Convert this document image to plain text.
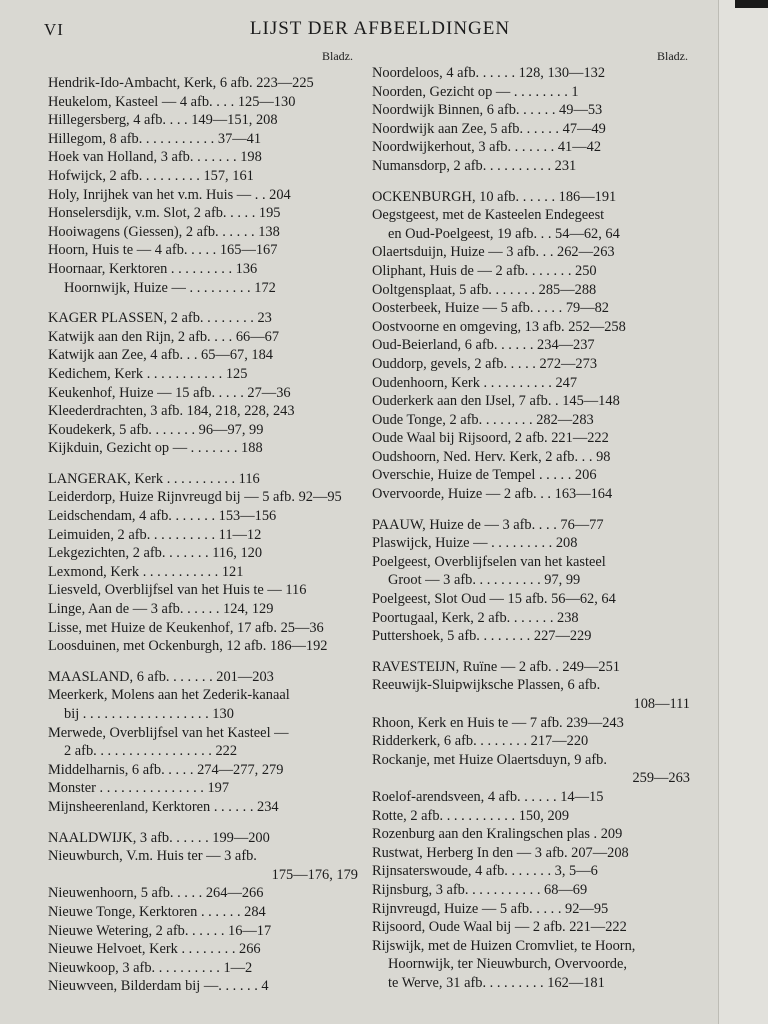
VI	LIJST DER AFBEELDINGEN
Bladz.
Hendrik-Ido-Ambacht, Kerk, 6 afb. 223—225
Heukelom, Kasteel — 4 afb. . . . 125—130
Hillegersberg, 4 afb. . . . 149—151, 208
Hillegom, 8 afb. . . . . . . . . . . 37—41
Hoek van Holland, 3 afb. . . . . . . 198
Hofwijck, 2 afb. . . . . . . . . 157, 161
Holy, Inrijhek van het v.m. Huis — . . 204
Honselersdijk, v.m. Slot, 2 afb. . . . . 195
Hooiwagens (Giessen), 2 afb. . . . . . 138
Hoorn, Huis te — 4 afb. . . . . 165—167
Hoornaar, Kerktoren . . . . . . . . . 136
Hoornwijk, Huize — . . . . . . . . . 172
KAGER PLASSEN, 2 afb. . . . . . . . 23
Katwijk aan den Rijn, 2 afb. . . . 66—67
Katwijk aan Zee, 4 afb. . . 65—67, 184
Kedichem, Kerk . . . . . . . . . . . 125
Keukenhof, Huize — 15 afb. . . . . 27—36
Kleederdrachten, 3 afb. 184, 218, 228, 243
Koudekerk, 5 afb. . . . . . . 96—97, 99
Kijkduin, Gezicht op — . . . . . . . 188
LANGERAK, Kerk . . . . . . . . . . 116
Leiderdorp, Huize Rijnvreugd bij — 5 afb. 92—95
Leidschendam, 4 afb. . . . . . . 153—156
Leimuiden, 2 afb. . . . . . . . . . 11—12
Lekgezichten, 2 afb. . . . . . . 116, 120
Lexmond, Kerk . . . . . . . . . . . 121
Liesveld, Overblijfsel van het Huis te — 116
Linge, Aan de — 3 afb. . . . . . 124, 129
Lisse, met Huize de Keukenhof, 17 afb. 25—36
Loosduinen, met Ockenburgh, 12 afb. 186—192
MAASLAND, 6 afb. . . . . . . 201—203
Meerkerk, Molens aan het Zederik-kanaal
bij . . . . . . . . . . . . . . . . . . 130
Merwede, Overblijfsel van het Kasteel —
2 afb. . . . . . . . . . . . . . . . . 222
Middelharnis, 6 afb. . . . . 274—277, 279
Monster . . . . . . . . . . . . . . . 197
Mijnsheerenland, Kerktoren . . . . . . 234
NAALDWIJK, 3 afb. . . . . . 199—200
Nieuwburch, V.m. Huis ter — 3 afb.
175—176, 179
Nieuwenhoorn, 5 afb. . . . . 264—266
Nieuwe Tonge, Kerktoren . . . . . . 284
Nieuwe Wetering, 2 afb. . . . . . 16—17
Nieuwe Helvoet, Kerk . . . . . . . . 266
Nieuwkoop, 3 afb. . . . . . . . . . 1—2
Nieuwveen, Bilderdam bij —. . . . . . 4
Bladz.
Noordeloos, 4 afb. . . . . . 128, 130—132
Noorden, Gezicht op — . . . . . . . . 1
Noordwijk Binnen, 6 afb. . . . . . 49—53
Noordwijk aan Zee, 5 afb. . . . . . 47—49
Noordwijkerhout, 3 afb. . . . . . . 41—42
Numansdorp, 2 afb. . . . . . . . . . 231
OCKENBURGH, 10 afb. . . . . . 186—191
Oegstgeest, met de Kasteelen Endegeest
en Oud-Poelgeest, 19 afb. . . 54—62, 64
Olaertsduijn, Huize — 3 afb. . . 262—263
Oliphant, Huis de — 2 afb. . . . . . . 250
Ooltgensplaat, 5 afb. . . . . . . 285—288
Oosterbeek, Huize — 5 afb. . . . . 79—82
Oostvoorne en omgeving, 13 afb. 252—258
Oud-Beierland, 6 afb. . . . . . 234—237
Ouddorp, gevels, 2 afb. . . . . 272—273
Oudenhoorn, Kerk . . . . . . . . . . 247
Ouderkerk aan den IJsel, 7 afb. . 145—148
Oude Tonge, 2 afb. . . . . . . . 282—283
Oude Waal bij Rijsoord, 2 afb. 221—222
Oudshoorn, Ned. Herv. Kerk, 2 afb. . . 98
Overschie, Huize de Tempel . . . . . 206
Overvoorde, Huize — 2 afb. . . 163—164
PAAUW, Huize de — 3 afb. . . . 76—77
Plaswijck, Huize — . . . . . . . . . 208
Poelgeest, Overblijfselen van het kasteel
Groot — 3 afb. . . . . . . . . . 97, 99
Poelgeest, Slot Oud — 15 afb. 56—62, 64
Poortugaal, Kerk, 2 afb. . . . . . . 238
Puttershoek, 5 afb. . . . . . . . 227—229
RAVESTEIJN, Ruïne — 2 afb. . 249—251
Reeuwijk-Sluipwijksche Plassen, 6 afb.
108—111
Rhoon, Kerk en Huis te — 7 afb. 239—243
Ridderkerk, 6 afb. . . . . . . . 217—220
Rockanje, met Huize Olaertsduyn, 9 afb.
259—263
Roelof-arendsveen, 4 afb. . . . . . 14—15
Rotte, 2 afb. . . . . . . . . . . 150, 209
Rozenburg aan den Kralingschen plas . 209
Rustwat, Herberg In den — 3 afb. 207—208
Rijnsaterswoude, 4 afb. . . . . . . 3, 5—6
Rijnsburg, 3 afb. . . . . . . . . . . 68—69
Rijnvreugd, Huize — 5 afb. . . . . 92—95
Rijsoord, Oude Waal bij — 2 afb. 221—222
Rijswijk, met de Huizen Cromvliet, te Hoorn,
Hoornwijk, ter Nieuwburch, Overvoorde,
te Werve, 31 afb. . . . . . . . . 162—181
